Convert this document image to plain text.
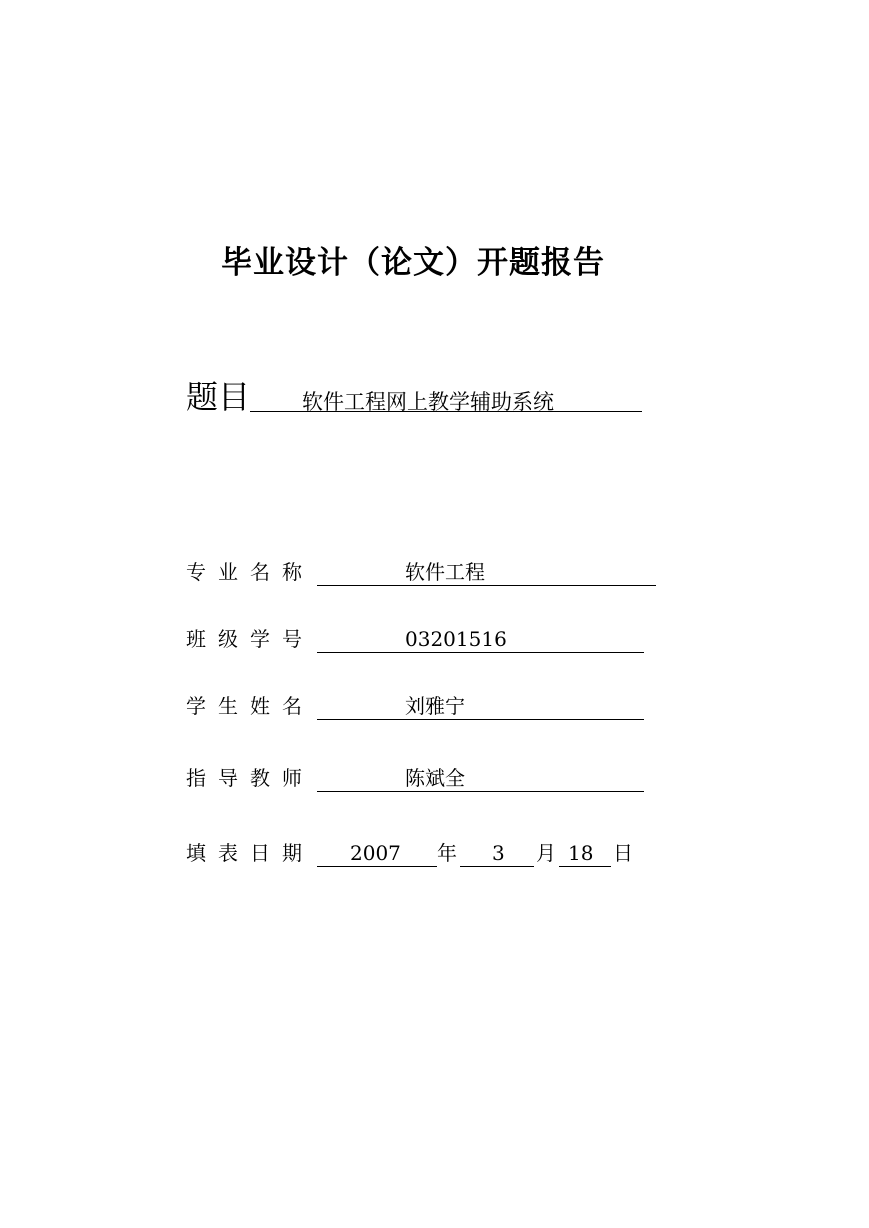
毕业设计（论文）开题报告
题目 软件工程网上教学辅助系统
专业名称	软件工程
班级学号	03201516
学生姓名	刘雅宁
指导教师	陈斌全
填表日期 2007 年 3 月 18 日
